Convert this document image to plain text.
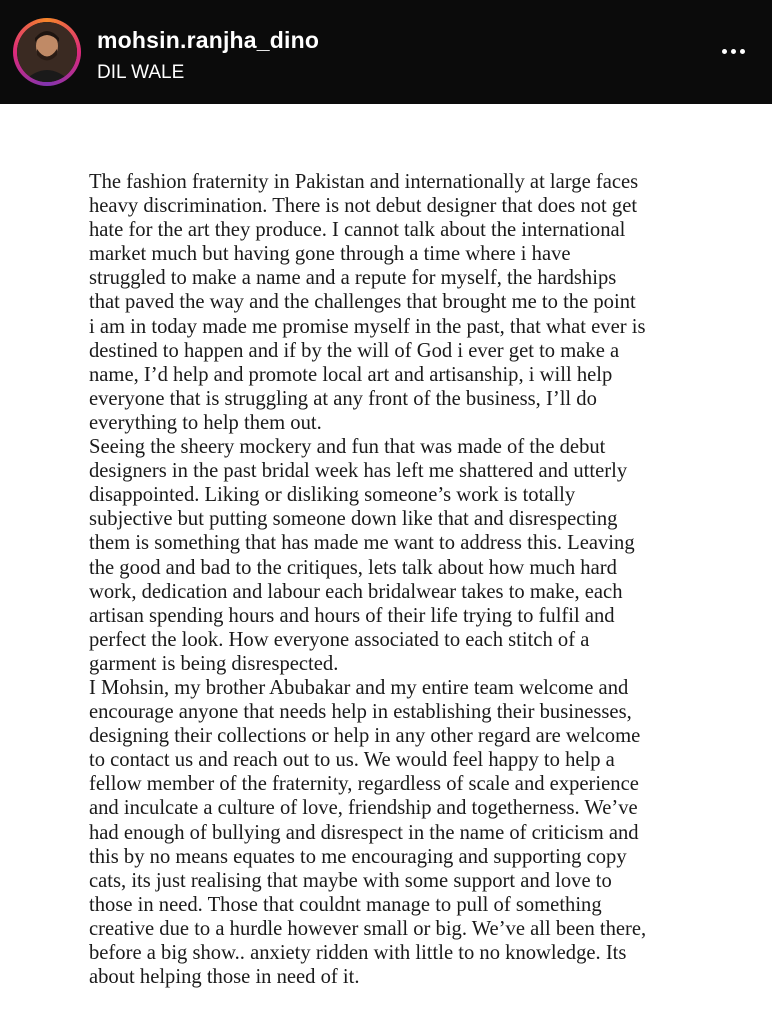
mohsin.ranjha_dino
DIL WALE

The fashion fraternity in Pakistan and internationally at large faces

heavy discrimination. There is not debut designer that does not get

hate for the art they produce. I cannot talk about the international

market much but having gone through a time where i have

struggled to make a name and a repute for myself, the hardships

that paved the way and the challenges that brought me to the point

i am in today made me promise myself in the past, that what ever is

destined to happen and if by the will of God i ever get to make a

name, I’d help and promote local art and artisanship, i will help

everyone that is struggling at any front of the business, I’ll do

everything to help them out.

Seeing the sheery mockery and fun that was made of the debut

designers in the past bridal week has left me shattered and utterly

disappointed. Liking or disliking someone’s work is totally

subjective but putting someone down like that and disrespecting

them is something that has made me want to address this. Leaving

the good and bad to the critiques, lets talk about how much hard

work, dedication and labour each bridalwear takes to make, each

artisan spending hours and hours of their life trying to fulfil and

perfect the look. How everyone associated to each stitch of a

garment is being disrespected.

I Mohsin, my brother Abubakar and my entire team welcome and

encourage anyone that needs help in establishing their businesses,

designing their collections or help in any other regard are welcome

to contact us and reach out to us. We would feel happy to help a

fellow member of the fraternity, regardless of scale and experience

and inculcate a culture of love, friendship and togetherness. We’ve

had enough of bullying and disrespect in the name of criticism and

this by no means equates to me encouraging and supporting copy

cats, its just realising that maybe with some support and love to

those in need. Those that couldnt manage to pull of something

creative due to a hurdle however small or big. We’ve all been there,

before a big show.. anxiety ridden with little to no knowledge. Its

about helping those in need of it.
